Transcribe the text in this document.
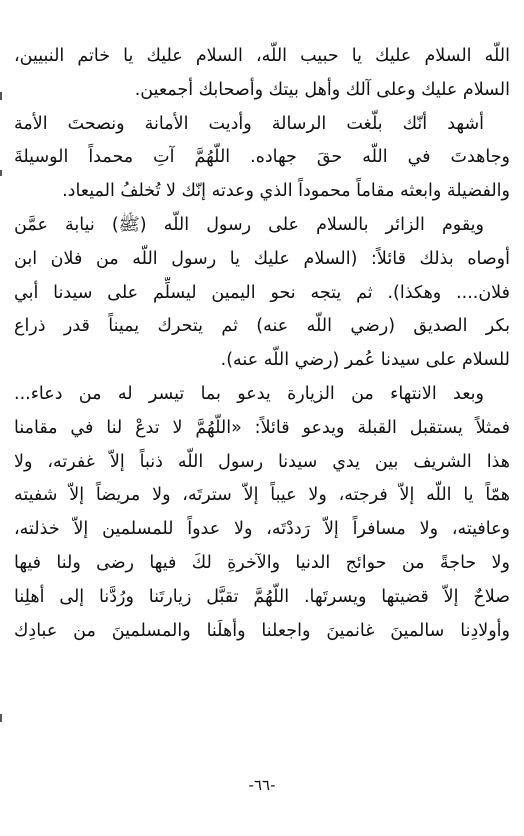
اللّه السلام عليك يا حبيب اللّه، السلام عليك يا خاتم النبيين،
السلام عليك وعلى آلك وأهل بيتك وأصحابك أجمعين.
أشهد أنّك بلّغت الرسالة وأديت الأمانة ونصحتَ الأمة
وجاهدتَ في اللّه حقَ جهاده. اللّهُمَّ آتِ محمداً الوسيلةَ
والفضيلة وابعثه مقاماً محموداً الذي وعدته إنّك لا تُخلفُ الميعاد.
ويقوم الزائر بالسلام على رسول اللّه (ﷺ) نيابة عمَّن
أوصاه بذلك قائلاً: (السلام عليك يا رسول اللّه من فلان ابن
فلان.... وهكذا). ثم يتجه نحو اليمين ليسلِّم على سيدنا أبي
بكر الصديق (رضي اللّه عنه) ثم يتحرك يميناً قدر ذراع
للسلام على سيدنا عُمر (رضي اللّه عنه).
وبعد الانتهاء من الزيارة يدعو بما تيسر له من دعاء...
فمثلاً يستقبل القبلة ويدعو قائلاً: «اللّهُمَّ لا تدعْ لنا في مقامنا
هذا الشريف بين يدي سيدنا رسول اللّه ذنباً إلاّ غفرته، ولا
همّاً يا اللّه إلاّ فرجته، ولا عيباً إلاّ سترتَه، ولا مريضاً إلاّ شفيته
وعافيته، ولا مسافراً إلاّ رَددْتَه، ولا عدواً للمسلمين إلاّ خذلته،
ولا حاجةً من حوائج الدنيا والآخرةِ لكَ فيها رضى ولنا فيها
صلاحٌ إلاّ قضيتها ويسرتَها. اللّهُمَّ تقبَّل زيارتَنا ورُدَّنا إلى أهلِنا
وأولادِنا سالمينَ غانمينَ واجعلنا وأهلَنا والمسلمينَ من عبادِك
-٦٦-
